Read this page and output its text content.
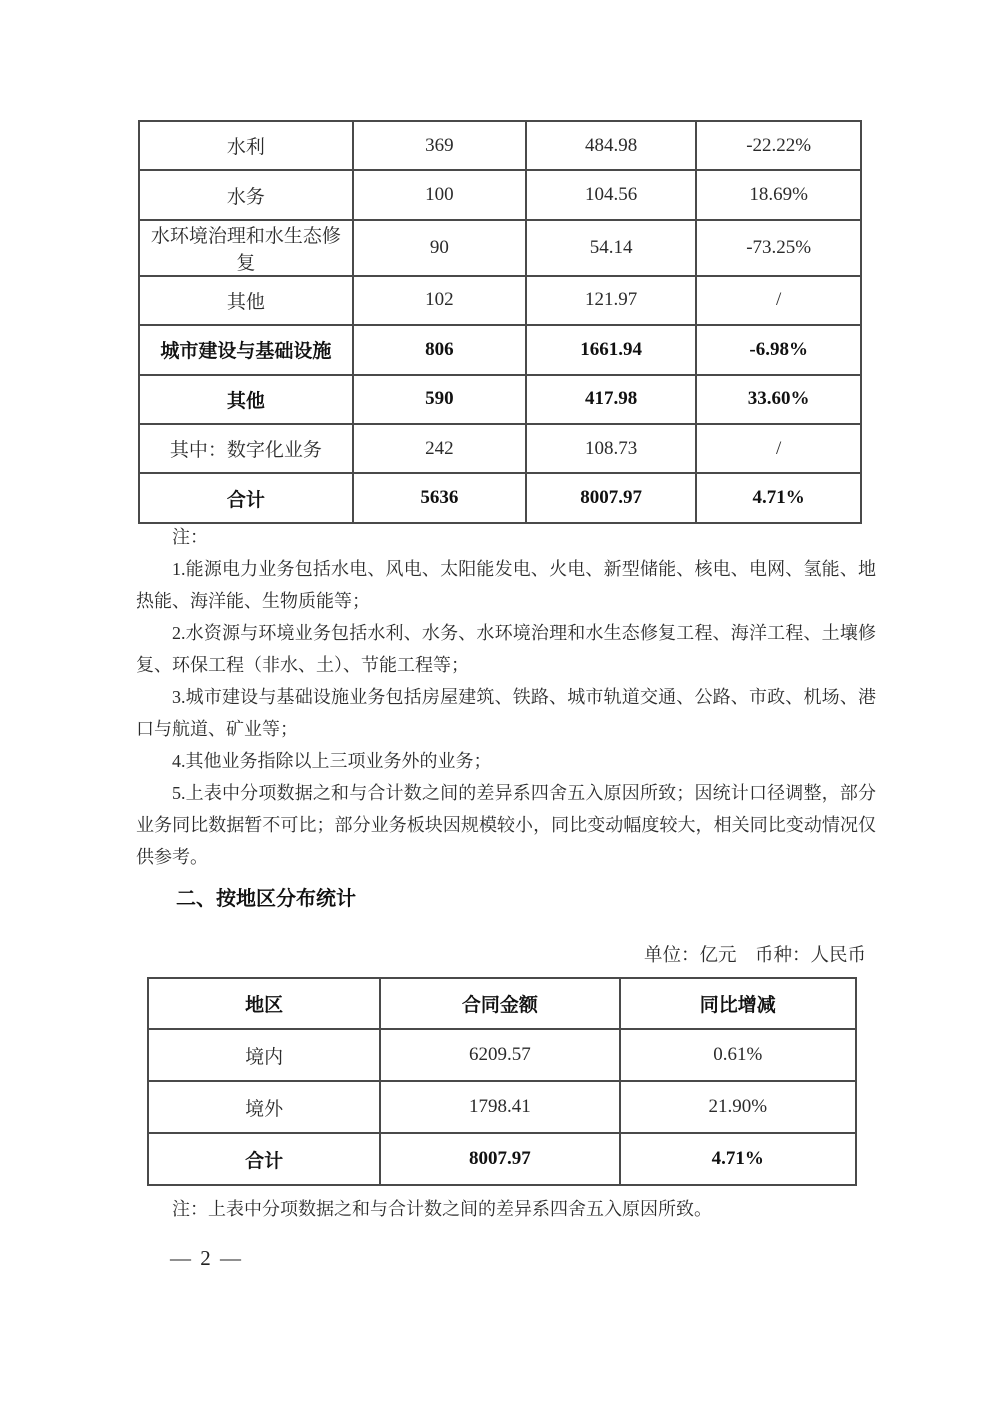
水利	369	484.98	-22.22%
水务	100	104.56	18.69%
水环境治理和水生态修复	90	54.14	-73.25%
其他	102	121.97	/
城市建设与基础设施	806	1661.94	-6.98%
其他	590	417.98	33.60%
其中：数字化业务	242	108.73	/
合计	5636	8007.97	4.71%

注：

1.能源电力业务包括水电、风电、太阳能发电、火电、新型储能、核电、电网、氢能、地热能、海洋能、生物质能等；

2.水资源与环境业务包括水利、水务、水环境治理和水生态修复工程、海洋工程、土壤修复、环保工程（非水、土）、节能工程等；

3.城市建设与基础设施业务包括房屋建筑、铁路、城市轨道交通、公路、市政、机场、港口与航道、矿业等；

4.其他业务指除以上三项业务外的业务；

5.上表中分项数据之和与合计数之间的差异系四舍五入原因所致；因统计口径调整，部分业务同比数据暂不可比；部分业务板块因规模较小，同比变动幅度较大，相关同比变动情况仅供参考。

二、按地区分布统计
单位：亿元　币种：人民币
地区	合同金额	同比增减
境内	6209.57	0.61%
境外	1798.41	21.90%
合计	8007.97	4.71%
注：上表中分项数据之和与合计数之间的差异系四舍五入原因所致。
— 2 —
